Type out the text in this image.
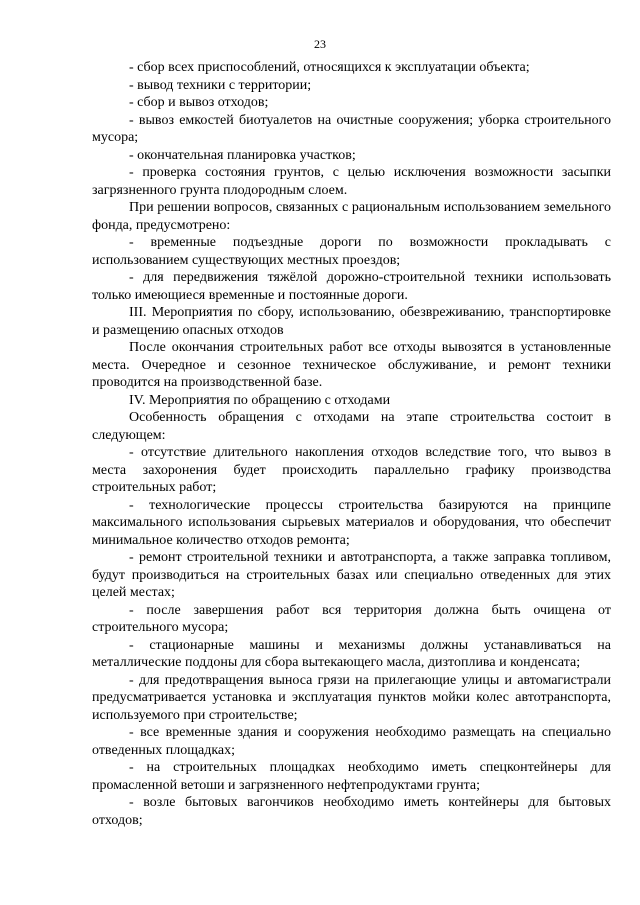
23

- сбор всех приспособлений, относящихся к эксплуатации объекта;

- вывод техники с территории;

- сбор и вывоз отходов;

- вывоз емкостей биотуалетов на очистные сооружения; уборка строительного мусора;

- окончательная планировка участков;

- проверка состояния грунтов, с целью исключения возможности засыпки загрязненного грунта плодородным слоем.

При решении вопросов, связанных с рациональным использованием земельного фонда, предусмотрено:

- временные подъездные дороги по возможности прокладывать с использованием существующих местных проездов;

- для передвижения тяжёлой дорожно-строительной техники использовать только имеющиеся временные и постоянные дороги.

III. Мероприятия по сбору, использованию, обезвреживанию, транспортировке и размещению опасных отходов

После окончания строительных работ все отходы вывозятся в установленные места. Очередное и сезонное техническое обслуживание, и ремонт техники проводится на производственной базе.

IV. Мероприятия по обращению с отходами

Особенность обращения с отходами на этапе строительства состоит в следующем:

- отсутствие длительного накопления отходов вследствие того, что вывоз в места захоронения будет происходить параллельно графику производства строительных работ;

- технологические процессы строительства базируются на принципе максимального использования сырьевых материалов и оборудования, что обеспечит минимальное количество отходов ремонта;

- ремонт строительной техники и автотранспорта, а также заправка топливом, будут производиться на строительных базах или специально отведенных для этих целей местах;

- после завершения работ вся территория должна быть очищена от строительного мусора;

- стационарные машины и механизмы должны устанавливаться на металлические поддоны для сбора вытекающего масла, дизтоплива и конденсата;

- для предотвращения выноса грязи на прилегающие улицы и автомагистрали предусматривается установка и эксплуатация пунктов мойки колес автотранспорта, используемого при строительстве;

- все временные здания и сооружения необходимо размещать на специально отведенных площадках;

- на строительных площадках необходимо иметь спецконтейнеры для промасленной ветоши и загрязненного нефтепродуктами грунта;

- возле бытовых вагончиков необходимо иметь контейнеры для бытовых отходов;
